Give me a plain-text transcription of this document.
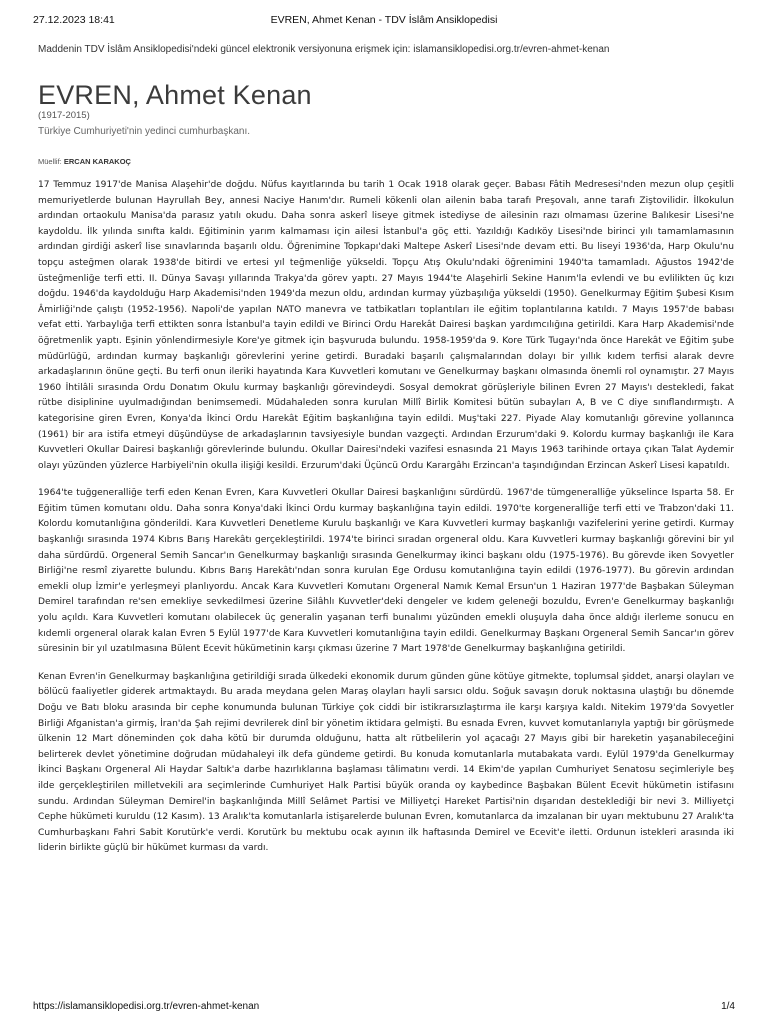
27.12.2023 18:41	EVREN, Ahmet Kenan - TDV İslâm Ansiklopedisi
Maddenin TDV İslâm Ansiklopedisi'ndeki güncel elektronik versiyonuna erişmek için: islamansiklopedisi.org.tr/evren-ahmet-kenan
EVREN, Ahmet Kenan
(1917-2015)
Türkiye Cumhuriyeti'nin yedinci cumhurbaşkanı.
Müellif: ERCAN KARAKOÇ

17 Temmuz 1917'de Manisa Alaşehir'de doğdu. Nüfus kayıtlarında bu tarih 1 Ocak 1918 olarak geçer. Babası Fâtih Medresesi'nden mezun olup çeşitli memuriyetlerde bulunan Hayrullah Bey, annesi Naciye Hanım'dır. Rumeli kökenli olan ailenin baba tarafı Preşovalı, anne tarafı Ziştovilidir. İlkokulun ardından ortaokulu Manisa'da parasız yatılı okudu. Daha sonra askerî liseye gitmek istediyse de ailesinin razı olmaması üzerine Balıkesir Lisesi'ne kaydoldu. İlk yılında sınıfta kaldı. Eğitiminin yarım kalmaması için ailesi İstanbul'a göç etti. Yazıldığı Kadıköy Lisesi'nde birinci yılı tamamlamasının ardından girdiği askerî lise sınavlarında başarılı oldu. Öğrenimine Topkapı'daki Maltepe Askerî Lisesi'nde devam etti. Bu liseyi 1936'da, Harp Okulu'nu topçu asteğmen olarak 1938'de bitirdi ve ertesi yıl teğmenliğe yükseldi. Topçu Atış Okulu'ndaki öğrenimini 1940'ta tamamladı. Ağustos 1942'de üsteğmenliğe terfi etti. II. Dünya Savaşı yıllarında Trakya'da görev yaptı. 27 Mayıs 1944'te Alaşehirli Sekine Hanım'la evlendi ve bu evlilikten üç kızı doğdu. 1946'da kaydolduğu Harp Akademisi'nden 1949'da mezun oldu, ardından kurmay yüzbaşılığa yükseldi (1950). Genelkurmay Eğitim Şubesi Kısım Âmirliği'nde çalıştı (1952-1956). Napoli'de yapılan NATO manevra ve tatbikatları toplantıları ile eğitim toplantılarına katıldı. 7 Mayıs 1957'de babası vefat etti. Yarbaylığa terfi ettikten sonra İstanbul'a tayin edildi ve Birinci Ordu Harekât Dairesi başkan yardımcılığına getirildi. Kara Harp Akademisi'nde öğretmenlik yaptı. Eşinin yönlendirmesiyle Kore'ye gitmek için başvuruda bulundu. 1958-1959'da 9. Kore Türk Tugayı'nda önce Harekât ve Eğitim şube müdürlüğü, ardından kurmay başkanlığı görevlerini yerine getirdi. Buradaki başarılı çalışmalarından dolayı bir yıllık kıdem terfisi alarak devre arkadaşlarının önüne geçti. Bu terfi onun ileriki hayatında Kara Kuvvetleri komutanı ve Genelkurmay başkanı olmasında önemli rol oynamıştır. 27 Mayıs 1960 İhtilâli sırasında Ordu Donatım Okulu kurmay başkanlığı görevindeydi. Sosyal demokrat görüşleriyle bilinen Evren 27 Mayıs'ı destekledi, fakat rütbe disiplinine uyulmadığından benimsemedi. Müdahaleden sonra kurulan Millî Birlik Komitesi bütün subayları A, B ve C diye sınıflandırmıştı. A kategorisine giren Evren, Konya'da İkinci Ordu Harekât Eğitim başkanlığına tayin edildi. Muş'taki 227. Piyade Alay komutanlığı görevine yollanınca (1961) bir ara istifa etmeyi düşündüyse de arkadaşlarının tavsiyesiyle bundan vazgeçti. Ardından Erzurum'daki 9. Kolordu kurmay başkanlığı ile Kara Kuvvetleri Okullar Dairesi başkanlığı görevlerinde bulundu. Okullar Dairesi'ndeki vazifesi esnasında 21 Mayıs 1963 tarihinde ortaya çıkan Talat Aydemir olayı yüzünden yüzlerce Harbiyeli'nin okulla ilişiği kesildi. Erzurum'daki Üçüncü Ordu Karargâhı Erzincan'a taşındığından Erzincan Askerî Lisesi kapatıldı.

1964'te tuğgeneralliğe terfi eden Kenan Evren, Kara Kuvvetleri Okullar Dairesi başkanlığını sürdürdü. 1967'de tümgeneralliğe yükselince Isparta 58. Er Eğitim tümen komutanı oldu. Daha sonra Konya'daki İkinci Ordu kurmay başkanlığına tayin edildi. 1970'te korgeneralliğe terfi etti ve Trabzon'daki 11. Kolordu komutanlığına gönderildi. Kara Kuvvetleri Denetleme Kurulu başkanlığı ve Kara Kuvvetleri kurmay başkanlığı vazifelerini yerine getirdi. Kurmay başkanlığı sırasında 1974 Kıbrıs Barış Harekâtı gerçekleştirildi. 1974'te birinci sıradan orgeneral oldu. Kara Kuvvetleri kurmay başkanlığı görevini bir yıl daha sürdürdü. Orgeneral Semih Sancar'ın Genelkurmay başkanlığı sırasında Genelkurmay ikinci başkanı oldu (1975-1976). Bu görevde iken Sovyetler Birliği'ne resmî ziyarette bulundu. Kıbrıs Barış Harekâtı'ndan sonra kurulan Ege Ordusu komutanlığına tayin edildi (1976-1977). Bu görevin ardından emekli olup İzmir'e yerleşmeyi planlıyordu. Ancak Kara Kuvvetleri Komutanı Orgeneral Namık Kemal Ersun'un 1 Haziran 1977'de Başbakan Süleyman Demirel tarafından re'sen emekliye sevkedilmesi üzerine Silâhlı Kuvvetler'deki dengeler ve kıdem geleneği bozuldu, Evren'e Genelkurmay başkanlığı yolu açıldı. Kara Kuvvetleri komutanı olabilecek üç generalin yaşanan terfi bunalımı yüzünden emekli oluşuyla daha önce aldığı ilerleme sonucu en kıdemli orgeneral olarak kalan Evren 5 Eylül 1977'de Kara Kuvvetleri komutanlığına tayin edildi. Genelkurmay Başkanı Orgeneral Semih Sancar'ın görev süresinin bir yıl uzatılmasına Bülent Ecevit hükümetinin karşı çıkması üzerine 7 Mart 1978'de Genelkurmay başkanlığına getirildi.

Kenan Evren'in Genelkurmay başkanlığına getirildiği sırada ülkedeki ekonomik durum günden güne kötüye gitmekte, toplumsal şiddet, anarşi olayları ve bölücü faaliyetler giderek artmaktaydı. Bu arada meydana gelen Maraş olayları hayli sarsıcı oldu. Soğuk savaşın doruk noktasına ulaştığı bu dönemde Doğu ve Batı bloku arasında bir cephe konumunda bulunan Türkiye çok ciddi bir istikrarsızlaştırma ile karşı karşıya kaldı. Nitekim 1979'da Sovyetler Birliği Afganistan'a girmiş, İran'da Şah rejimi devrilerek dinî bir yönetim iktidara gelmişti. Bu esnada Evren, kuvvet komutanlarıyla yaptığı bir görüşmede ülkenin 12 Mart döneminden çok daha kötü bir durumda olduğunu, hatta alt rütbelilerin yol açacağı 27 Mayıs gibi bir hareketin yaşanabileceğini belirterek devlet yönetimine doğrudan müdahaleyi ilk defa gündeme getirdi. Bu konuda komutanlarla mutabakata vardı. Eylül 1979'da Genelkurmay İkinci Başkanı Orgeneral Ali Haydar Saltık'a darbe hazırlıklarına başlaması tâlimatını verdi. 14 Ekim'de yapılan Cumhuriyet Senatosu seçimleriyle beş ilde gerçekleştirilen milletvekili ara seçimlerinde Cumhuriyet Halk Partisi büyük oranda oy kaybedince Başbakan Bülent Ecevit hükümetin istifasını sundu. Ardından Süleyman Demirel'in başkanlığında Millî Selâmet Partisi ve Milliyetçi Hareket Partisi'nin dışarıdan desteklediği bir nevi 3. Milliyetçi Cephe hükümeti kuruldu (12 Kasım). 13 Aralık'ta komutanlarla istişarelerde bulunan Evren, komutanlarca da imzalanan bir uyarı mektubunu 27 Aralık'ta Cumhurbaşkanı Fahri Sabit Korutürk'e verdi. Korutürk bu mektubu ocak ayının ilk haftasında Demirel ve Ecevit'e iletti. Ordunun istekleri arasında iki liderin birlikte güçlü bir hükümet kurması da vardı.

https://islamansiklopedisi.org.tr/evren-ahmet-kenan	1/4
